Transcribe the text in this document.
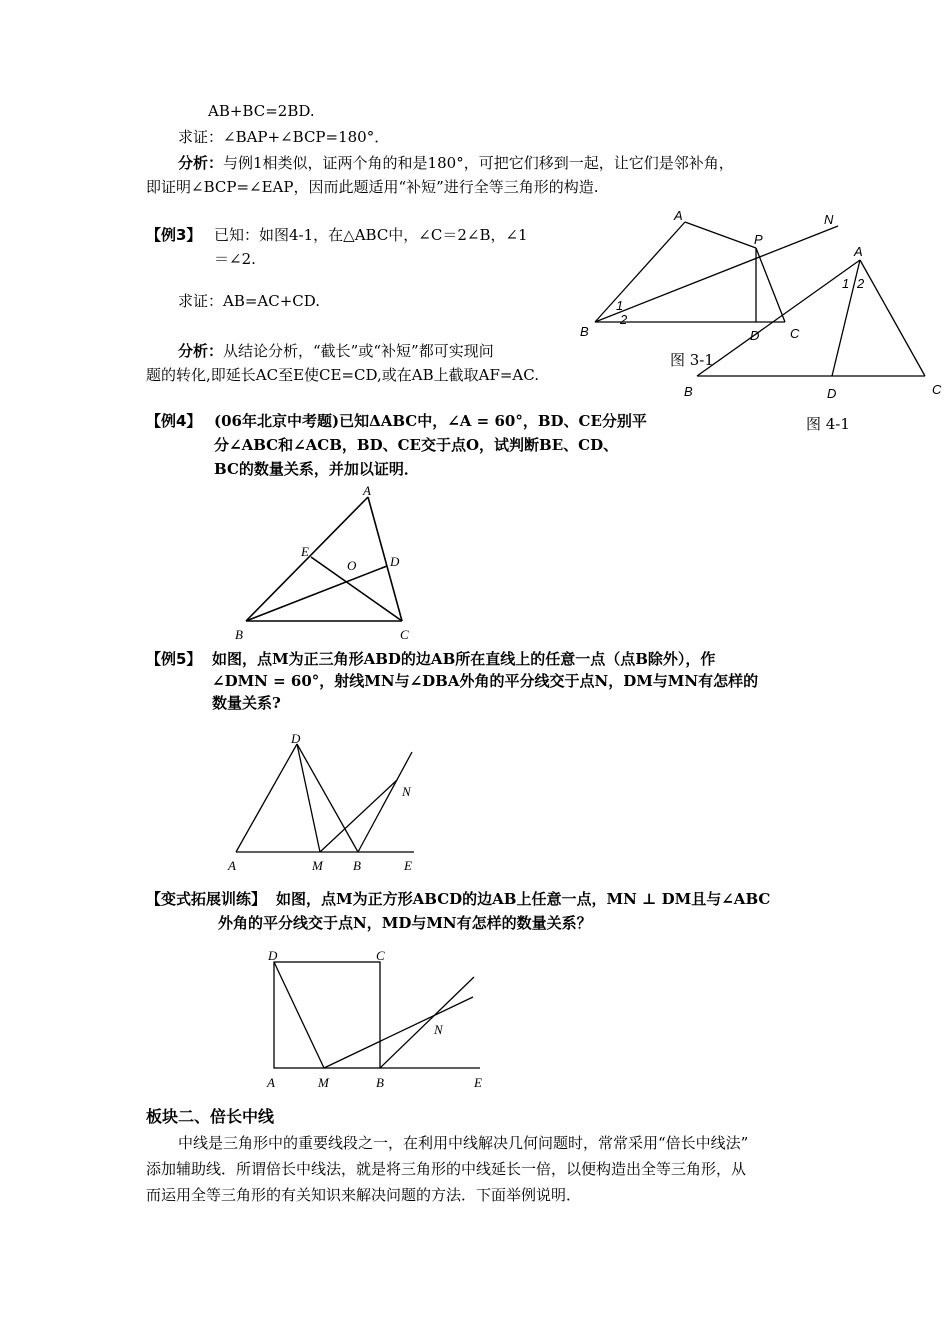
AB+BC=2BD.
求证：∠BAP+∠BCP=180°．
分析：与例1相类似，证两个角的和是180°，可把它们移到一起，让它们是邻补角，
即证明∠BCP=∠EAP，因而此题适用“补短”进行全等三角形的构造.
【例3】 已知：如图4-1，在△ABC中，∠C＝2∠B，∠1
＝∠2.
求证：AB=AC+CD.
分析：从结论分析，“截长”或“补短”都可实现问
题的转化,即延长AC至E使CE=CD,或在AB上截取AF=AC.
A	N
P
B	D C
1
2
A
1 2
B	D	C
图 3-1
图 4-1
【例4】 (06年北京中考题)已知ΔABC中，∠A = 60°，BD、CE分别平
分∠ABC和∠ACB，BD、CE交于点O，试判断BE、CD、
BC的数量关系，并加以证明．
A
E
O	D
B	C
【例5】 如图，点M为正三角形ABD的边AB所在直线上的任意一点（点B除外），作
∠DMN = 60°，射线MN与∠DBA外角的平分线交于点N，DM与MN有怎样的
数量关系?
D
N
A	M B	E
【变式拓展训练】 如图，点M为正方形ABCD的边AB上任意一点，MN ⊥ DM且与∠ABC
外角的平分线交于点N，MD与MN有怎样的数量关系？
D	C
N
A	M	B	E
板块二、倍长中线
中线是三角形中的重要线段之一，在利用中线解决几何问题时，常常采用“倍长中线法”
添加辅助线．所谓倍长中线法，就是将三角形的中线延长一倍，以便构造出全等三角形，从
而运用全等三角形的有关知识来解决问题的方法．下面举例说明．
